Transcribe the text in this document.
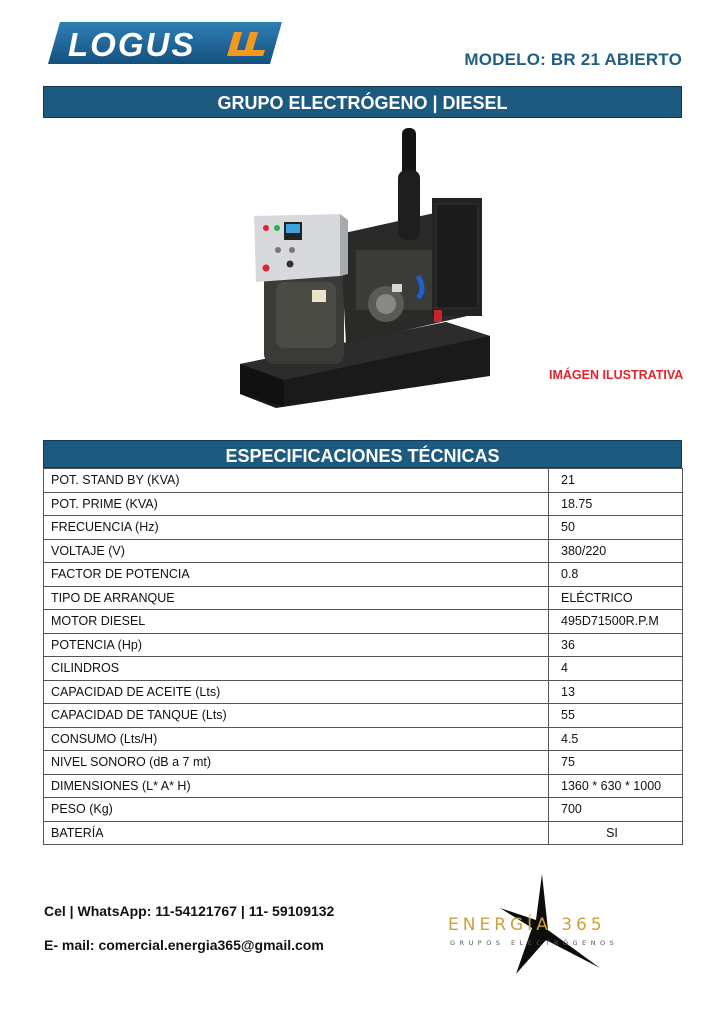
LOGUS	MODELO: BR 21 ABIERTO
GRUPO ELECTRÓGENO | DIESEL
IMÁGEN ILUSTRATIVA
ESPECIFICACIONES TÉCNICAS
POT. STAND BY (KVA)	21
POT. PRIME (KVA)	18.75
FRECUENCIA (Hz)	50
VOLTAJE (V)	380/220
FACTOR DE POTENCIA	0.8
TIPO DE ARRANQUE	ELÉCTRICO
MOTOR DIESEL	495D71500R.P.M
POTENCIA (Hp)	36
CILINDROS	4
CAPACIDAD DE ACEITE (Lts)	13
CAPACIDAD DE TANQUE (Lts)	55
CONSUMO (Lts/H)	4.5
NIVEL SONORO (dB a 7 mt)	75
DIMENSIONES (L* A* H)	1360 * 630 * 1000
PESO (Kg)	700
BATERÍA	SI
Cel | WhatsApp: 11-54121767 | 11- 59109132
E- mail: comercial.energia365@gmail.com
ENERGÍA 365
GRUPOS ELECTRÓGENOS
